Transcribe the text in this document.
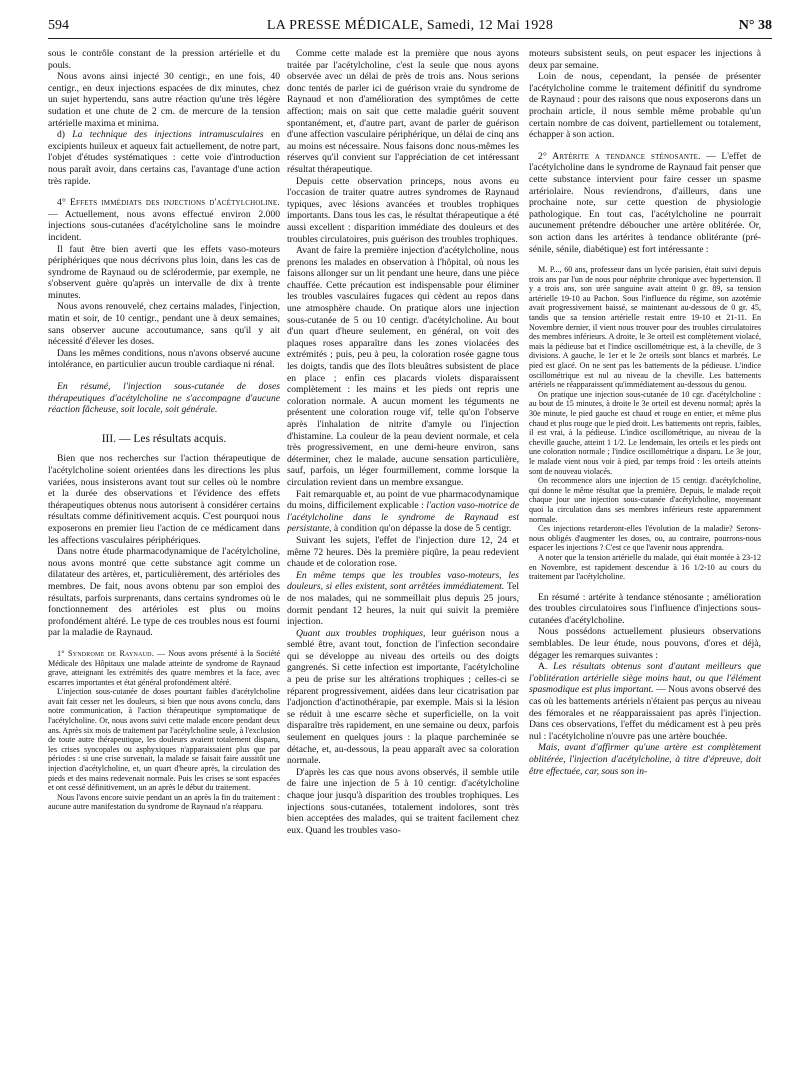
594	LA PRESSE MÉDICALE, Samedi, 12 Mai 1928	N° 38

sous le contrôle constant de la pression artérielle et du pouls.

Nous avons ainsi injecté 30 centigr., en une fois, 40 centigr., en deux injections espacées de dix minutes, chez un sujet hypertendu, sans autre réaction qu'une très légère sudation et une chute de 2 cm. de mercure de la tension artérielle maxima et minima.

d) La technique des injections intramusculaires en excipients huileux et aqueux fait actuellement, de notre part, l'objet d'études systématiques : cette voie d'introduction nous paraît avoir, dans certains cas, l'avantage d'une action très rapide.

4° Effets immédiats des injections d'acétylcholine. — Actuellement, nous avons effectué environ 2.000 injections sous-cutanées d'acétylcholine sans le moindre incident.

Il faut être bien averti que les effets vaso-moteurs périphériques que nous décrivons plus loin, dans les cas de syndrome de Raynaud ou de sclérodermie, par exemple, ne s'observent guère qu'après un intervalle de dix à trente minutes.

Nous avons renouvelé, chez certains malades, l'injection, matin et soir, de 10 centigr., pendant une à deux semaines, sans observer aucune accoutumance, sans qu'il y ait nécessité d'élever les doses.

Dans les mêmes conditions, nous n'avons observé aucune intolérance, en particulier aucun trouble cardiaque ni rénal.

En résumé, l'injection sous-cutanée de doses thérapeutiques d'acétylcholine ne s'accompagne d'aucune réaction fâcheuse, soit locale, soit générale.

III. — Les résultats acquis.

Bien que nos recherches sur l'action thérapeutique de l'acétylcholine soient orientées dans les directions les plus variées, nous insisterons avant tout sur celles où le nombre et la durée des observations et l'évidence des effets thérapeutiques obtenus nous autorisent à considérer certains résultats comme définitivement acquis. C'est pourquoi nous exposerons en premier lieu l'action de ce médicament dans les affections vasculaires périphériques.

Dans notre étude pharmacodynamique de l'acétylcholine, nous avons montré que cette substance agit comme un dilatateur des artères, et, particulièrement, des artérioles des membres. De fait, nous avons obtenu par son emploi des résultats, parfois surprenants, dans certains syndromes où le fonctionnement des artérioles est plus ou moins profondément altéré. Le type de ces troubles nous est fourni par la maladie de Raynaud.

1° Syndrome de Raynaud. — Nous avons présenté à la Société Médicale des Hôpitaux une malade atteinte de syndrome de Raynaud grave, atteignant les extrémités des quatre membres et la face, avec escarres importantes et état général profondément altéré.

L'injection sous-cutanée de doses pourtant faibles d'acétylcholine avait fait cesser net les douleurs, si bien que nous avons conclu, dans notre communication, à l'action thérapeutique symptomatique de l'acétylcholine. Or, nous avons suivi cette malade encore pendant deux ans. Après six mois de traitement par l'acétylcholine seule, à l'exclusion de toute autre thérapeutique, les douleurs avaient totalement disparu, les crises syncopales ou asphyxiques n'apparaissaient plus que par périodes : si une crise survenait, la malade se faisait faire aussitôt une injection d'acétylcholine, et, un quart d'heure après, la circulation des pieds et des mains redevenait normale. Puis les crises se sont espacées et ont cessé définitivement, un an après le début du traitement.

Nous l'avons encore suivie pendant un an après la fin du traitement : aucune autre manifestation du syndrome de Raynaud n'a réapparu.

Comme cette malade est la première que nous ayons traitée par l'acétylcholine, c'est la seule que nous ayons observée avec un délai de près de trois ans. Nous serions donc tentés de parler ici de guérison vraie du syndrome de Raynaud et non d'amélioration des symptômes de cette affection; mais on sait que cette maladie guérit souvent spontanément, et, d'autre part, avant de parler de guérison d'une affection vasculaire périphérique, un délai de cinq ans au moins est nécessaire. Nous faisons donc nous-mêmes les réserves qu'il convient sur l'appréciation de cet intéressant résultat thérapeutique.

Depuis cette observation princeps, nous avons eu l'occasion de traiter quatre autres syndromes de Raynaud typiques, avec lésions avancées et troubles trophiques importants. Dans tous les cas, le résultat thérapeutique a été aussi excellent : disparition immédiate des douleurs et des troubles circulatoires, puis guérison des troubles trophiques.

Avant de faire la première injection d'acétylcholine, nous prenons les malades en observation à l'hôpital, où nous les faisons allonger sur un lit pendant une heure, dans une pièce chauffée. Cette précaution est indispensable pour éliminer les troubles vasculaires fugaces qui cèdent au repos dans une atmosphère chaude. On pratique alors une injection sous-cutanée de 5 ou 10 centigr. d'acétylcholine. Au bout d'un quart d'heure seulement, en général, on voit des plaques roses apparaître dans les zones violacées des extrémités ; puis, peu à peu, la coloration rosée gagne tous les doigts, tandis que des îlots bleuâtres subsistent de place en place ; enfin ces placards violets disparaissent complètement : les mains et les pieds ont repris une coloration normale. A aucun moment les téguments ne présentent une coloration rouge vif, telle qu'on l'observe après l'inhalation de nitrite d'amyle ou l'injection d'histamine. La couleur de la peau devient normale, et cela très progressivement, en une demi-heure environ, sans déterminer, chez le malade, aucune sensation particulière, sauf, parfois, un léger fourmillement, comme lorsque la circulation revient dans un membre exsangue.

Fait remarquable et, au point de vue pharmacodynamique du moins, difficilement explicable : l'action vaso-motrice de l'acétylcholine dans le syndrome de Raynaud est persistante, à condition qu'on dépasse la dose de 5 centigr.

Suivant les sujets, l'effet de l'injection dure 12, 24 et même 72 heures. Dès la première piqûre, la peau redevient chaude et de coloration rose.

En même temps que les troubles vaso-moteurs, les douleurs, si elles existent, sont arrêtées immédiatement. Tel de nos malades, qui ne sommeillait plus depuis 25 jours, dormit pendant 12 heures, la nuit qui suivit la première injection.

Quant aux troubles trophiques, leur guérison nous a semblé être, avant tout, fonction de l'infection secondaire qui se développe au niveau des orteils ou des doigts gangrenés. Si cette infection est importante, l'acétylcholine a peu de prise sur les altérations trophiques ; celles-ci se réparent progressivement, aidées dans leur cicatrisation par l'adjonction d'actinothérapie, par exemple. Mais si la lésion se réduit à une escarre sèche et superficielle, on la voit disparaître très rapidement, en une semaine ou deux, parfois seulement en quelques jours : la plaque parcheminée se détache, et, au-dessous, la peau apparaît avec sa coloration normale.

D'après les cas que nous avons observés, il semble utile de faire une injection de 5 à 10 centigr. d'acétylcholine chaque jour jusqu'à disparition des troubles trophiques. Les injections sous-cutanées, totalement indolores, sont très bien acceptées des malades, qui se traitent facilement chez eux. Quand les troubles vaso-

moteurs subsistent seuls, on peut espacer les injections à deux par semaine.

Loin de nous, cependant, la pensée de présenter l'acétylcholine comme le traitement définitif du syndrome de Raynaud : pour des raisons que nous exposerons dans un prochain article, il nous semble même probable qu'un certain nombre de cas doivent, partiellement ou totalement, échapper à son action.

2° Artérite a tendance sténosante. — L'effet de l'acétylcholine dans le syndrome de Raynaud fait penser que cette substance intervient pour faire cesser un spasme artériolaire. Nous reviendrons, d'ailleurs, dans une prochaine note, sur cette question de physiologie pathologique. En tout cas, l'acétylcholine ne pourrait aucunement prétendre déboucher une artère oblitérée. Or, son action dans les artérites à tendance oblitérante (pré-sénile, sénile, diabétique) est fort intéressante :

M. P..., 60 ans, professeur dans un lycée parisien, était suivi depuis trois ans par l'un de nous pour néphrite chronique avec hypertension. Il y a trois ans, son urée sanguine avait atteint 0 gr. 89, sa tension artérielle 19-10 au Pachon. Sous l'influence du régime, son azotémie avait progressivement baissé, se maintenant au-dessous de 0 gr. 45, tandis que sa tension artérielle restait entre 19-10 et 21-11. En Novembre dernier, il vient nous trouver pour des troubles circulatoires des membres inférieurs. A droite, le 3e orteil est complètement violacé, mais la pédieuse bat et l'indice oscillométrique est, à la cheville, de 3 divisions. A gauche, le 1er et le 2e orteils sont blancs et marbrés. Le pied est glacé. On ne sent pas les battements de la pédieuse. L'indice oscillométrique est nul au niveau de la cheville. Les battements artériels ne réapparaissent qu'immédiatement au-dessous du genou.

On pratique une injection sous-cutanée de 10 cgr. d'acétylcholine : au bout de 15 minutes, à droite le 3e orteil est devenu normal; après la 30e minute, le pied gauche est chaud et rouge en entier, et même plus chaud et plus rouge que le pied droit. Les battements ont repris, faibles, il est vrai, à la pédieuse. L'indice oscillométrique, au niveau de la cheville gauche, atteint 1 1/2. Le lendemain, les orteils et les pieds ont une coloration normale ; l'indice oscillométrique a disparu. Le 3e jour, le malade vient nous voir à pied, par temps froid : les orteils atteints sont de nouveau violacés.

On recommence alors une injection de 15 centigr. d'acétylcholine, qui donne le même résultat que la première. Depuis, le malade reçoit chaque jour une injection sous-cutanée d'acétylcholine, moyennant quoi la circulation dans ses membres inférieurs reste apparemment normale.

Ces injections retarderont-elles l'évolution de la maladie? Serons-nous obligés d'augmenter les doses, ou, au contraire, pourrons-nous espacer les injections ? C'est ce que l'avenir nous apprendra.

A noter que la tension artérielle du malade, qui était montée à 23-12 en Novembre, est rapidement descendue à 16 1/2-10 au cours du traitement par l'acétylcholine.

En résumé : artérite à tendance sténosante ; amélioration des troubles circulatoires sous l'influence d'injections sous-cutanées d'acétylcholine.

Nous possédons actuellement plusieurs observations semblables. De leur étude, nous pouvons, d'ores et déjà, dégager les remarques suivantes :

A. Les résultats obtenus sont d'autant meilleurs que l'oblitération artérielle siège moins haut, ou que l'élément spasmodique est plus important. — Nous avons observé des cas où les battements artériels n'étaient pas perçus au niveau des fémorales et ne réapparaissaient pas après l'injection. Dans ces observations, l'effet du médicament est à peu près nul : l'acétylcholine n'ouvre pas une artère bouchée.

Mais, avant d'affirmer qu'une artère est complètement oblitérée, l'injection d'acétylcholine, à titre d'épreuve, doit être effectuée, car, sous son in-
